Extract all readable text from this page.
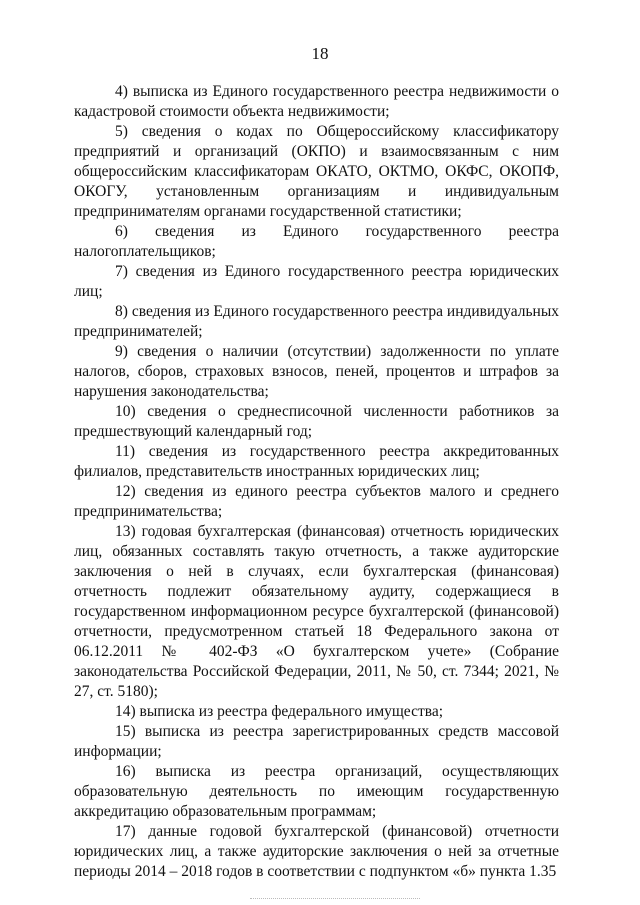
18

4) выписка из Единого государственного реестра недвижимости о кадастровой стоимости объекта недвижимости;

5) сведения о кодах по Общероссийскому классификатору предприятий и организаций (ОКПО) и взаимосвязанным с ним общероссийским классификаторам ОКАТО, ОКТМО, ОКФС, ОКОПФ, ОКОГУ, установленным организациям и индивидуальным предпринимателям органами государственной статистики;

6) сведения из Единого государственного реестра налогоплательщиков;

7) сведения из Единого государственного реестра юридических лиц;

8) сведения из Единого государственного реестра индивидуальных предпринимателей;

9) сведения о наличии (отсутствии) задолженности по уплате налогов, сборов, страховых взносов, пеней, процентов и штрафов за нарушения законодательства;

10) сведения о среднесписочной численности работников за предшествующий календарный год;

11) сведения из государственного реестра аккредитованных филиалов, представительств иностранных юридических лиц;

12) сведения из единого реестра субъектов малого и среднего предпринимательства;

13) годовая бухгалтерская (финансовая) отчетность юридических лиц, обязанных составлять такую отчетность, а также аудиторские заключения о ней в случаях, если бухгалтерская (финансовая) отчетность подлежит обязательному аудиту, содержащиеся в государственном информационном ресурсе бухгалтерской (финансовой) отчетности, предусмотренном статьей 18 Федерального закона от 06.12.2011 № 402-ФЗ «О бухгалтерском учете» (Собрание законодательства Российской Федерации, 2011, № 50, ст. 7344; 2021, № 27, ст. 5180);

14) выписка из реестра федерального имущества;

15) выписка из реестра зарегистрированных средств массовой информации;

16) выписка из реестра организаций, осуществляющих образовательную деятельность по имеющим государственную аккредитацию образовательным программам;

17) данные годовой бухгалтерской (финансовой) отчетности юридических лиц, а также аудиторские заключения о ней за отчетные периоды 2014 – 2018 годов в соответствии с подпунктом «б» пункта 1.35
